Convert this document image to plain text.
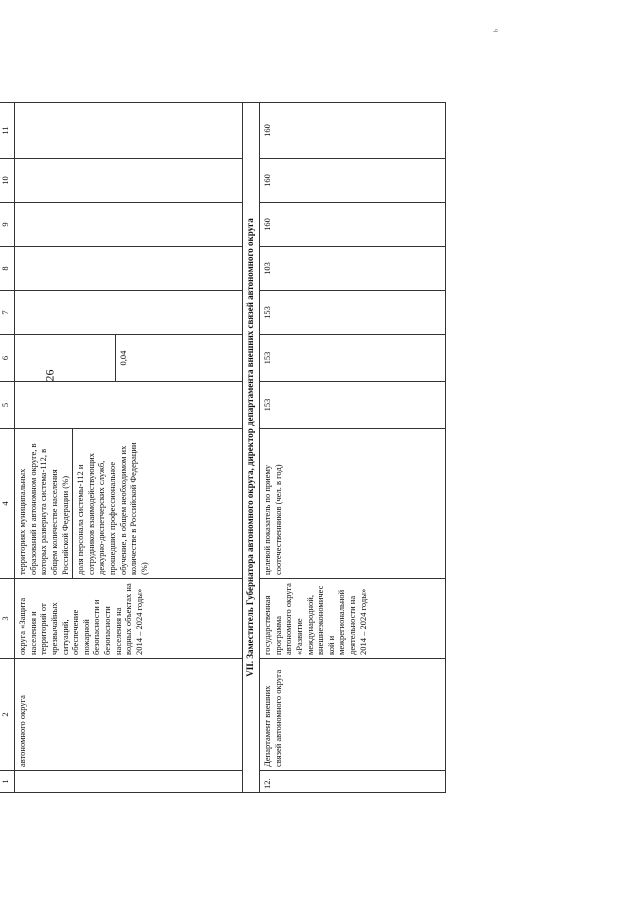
26
ь
1	2	3	4	5	6	7	8	9	10	11
	автономного округа	округа «Защита населения и территорий от чрезвычайных ситуаций, обеспечение пожарной безопасности и безопасности населения на водных объектах на 2014 – 2024 годы»	территориях муниципальных образований в автономном округе, в которых развернута система-112, в общем количестве населения Российской Федерации (%) доля персонала системы-112 и сотрудников взаимодействующих дежурно-диспетчерских служб, прошедших профессиональное обучение, в общем необходимом их количестве в Российской Федерации (%)		0,04					

VII. Заместитель Губернатора автономного округа, директор департамента внешних связей автономного округа										
12.	Департамент внешних связей автономного округа	государственная программа автономного округа «Развитие международной, внешнеэкономической и межрегиональной деятельности на 2014 – 2024 годы»	целевой показатель по приему соотечественников (чел. в год)	153	153	153	103	160	160	160
